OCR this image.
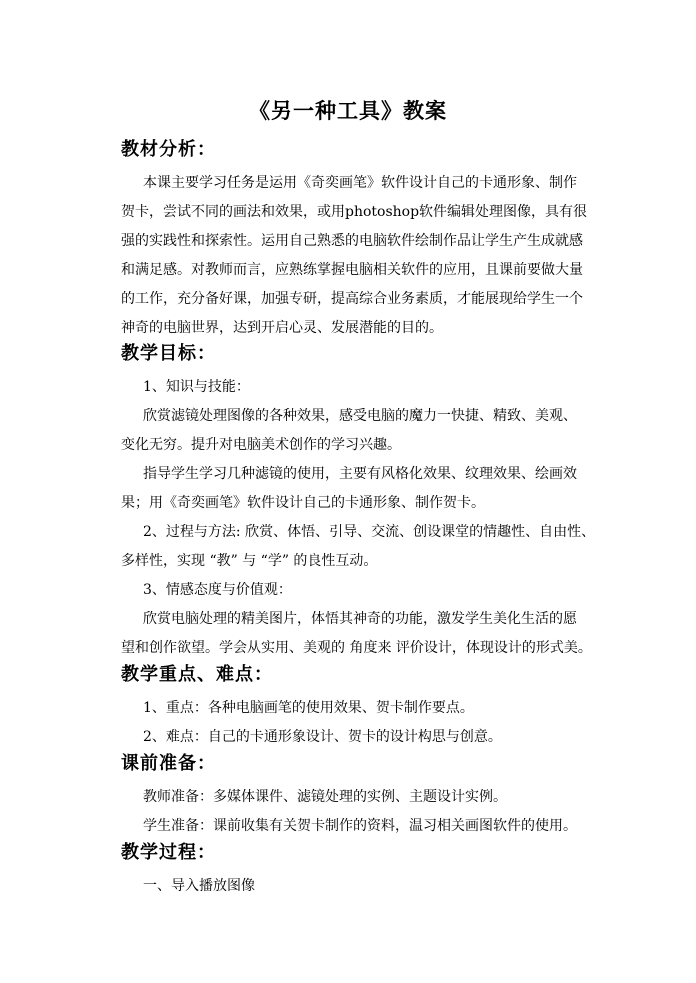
《另一种工具》教案
教材分析：
本课主要学习任务是运用《奇奕画笔》软件设计自己的卡通形象、制作
贺卡，尝试不同的画法和效果，或用photoshop软件编辑处理图像，具有很
强的实践性和探索性。运用自己熟悉的电脑软件绘制作品让学生产生成就感
和满足感。对教师而言，应熟练掌握电脑相关软件的应用，且课前要做大量
的工作，充分备好课，加强专研，提高综合业务素质，才能展现给学生一个
神奇的电脑世界，达到开启心灵、发展潜能的目的。
教学目标：
1、知识与技能：
欣赏滤镜处理图像的各种效果，感受电脑的魔力一快捷、精致、美观、
变化无穷。提升对电脑美术创作的学习兴趣。
指导学生学习几种滤镜的使用，主要有风格化效果、纹理效果、绘画效
果；用《奇奕画笔》软件设计自己的卡通形象、制作贺卡。
2、过程与方法: 欣赏、体悟、引导、交流、创设课堂的情趣性、自由性、
多样性，实现 “教” 与 “学” 的良性互动。
3、情感态度与价值观：
欣赏电脑处理的精美图片，体悟其神奇的功能，激发学生美化生活的愿
望和创作欲望。学会从实用、美观的 角度来 评价设计，体现设计的形式美。
教学重点、难点：
1、重点：各种电脑画笔的使用效果、贺卡制作要点。
2、难点：自己的卡通形象设计、贺卡的设计构思与创意。
课前准备：
教师准备：多媒体课件、滤镜处理的实例、主题设计实例。
学生准备：课前收集有关贺卡制作的资料，温习相关画图软件的使用。
教学过程：
一、导入播放图像
